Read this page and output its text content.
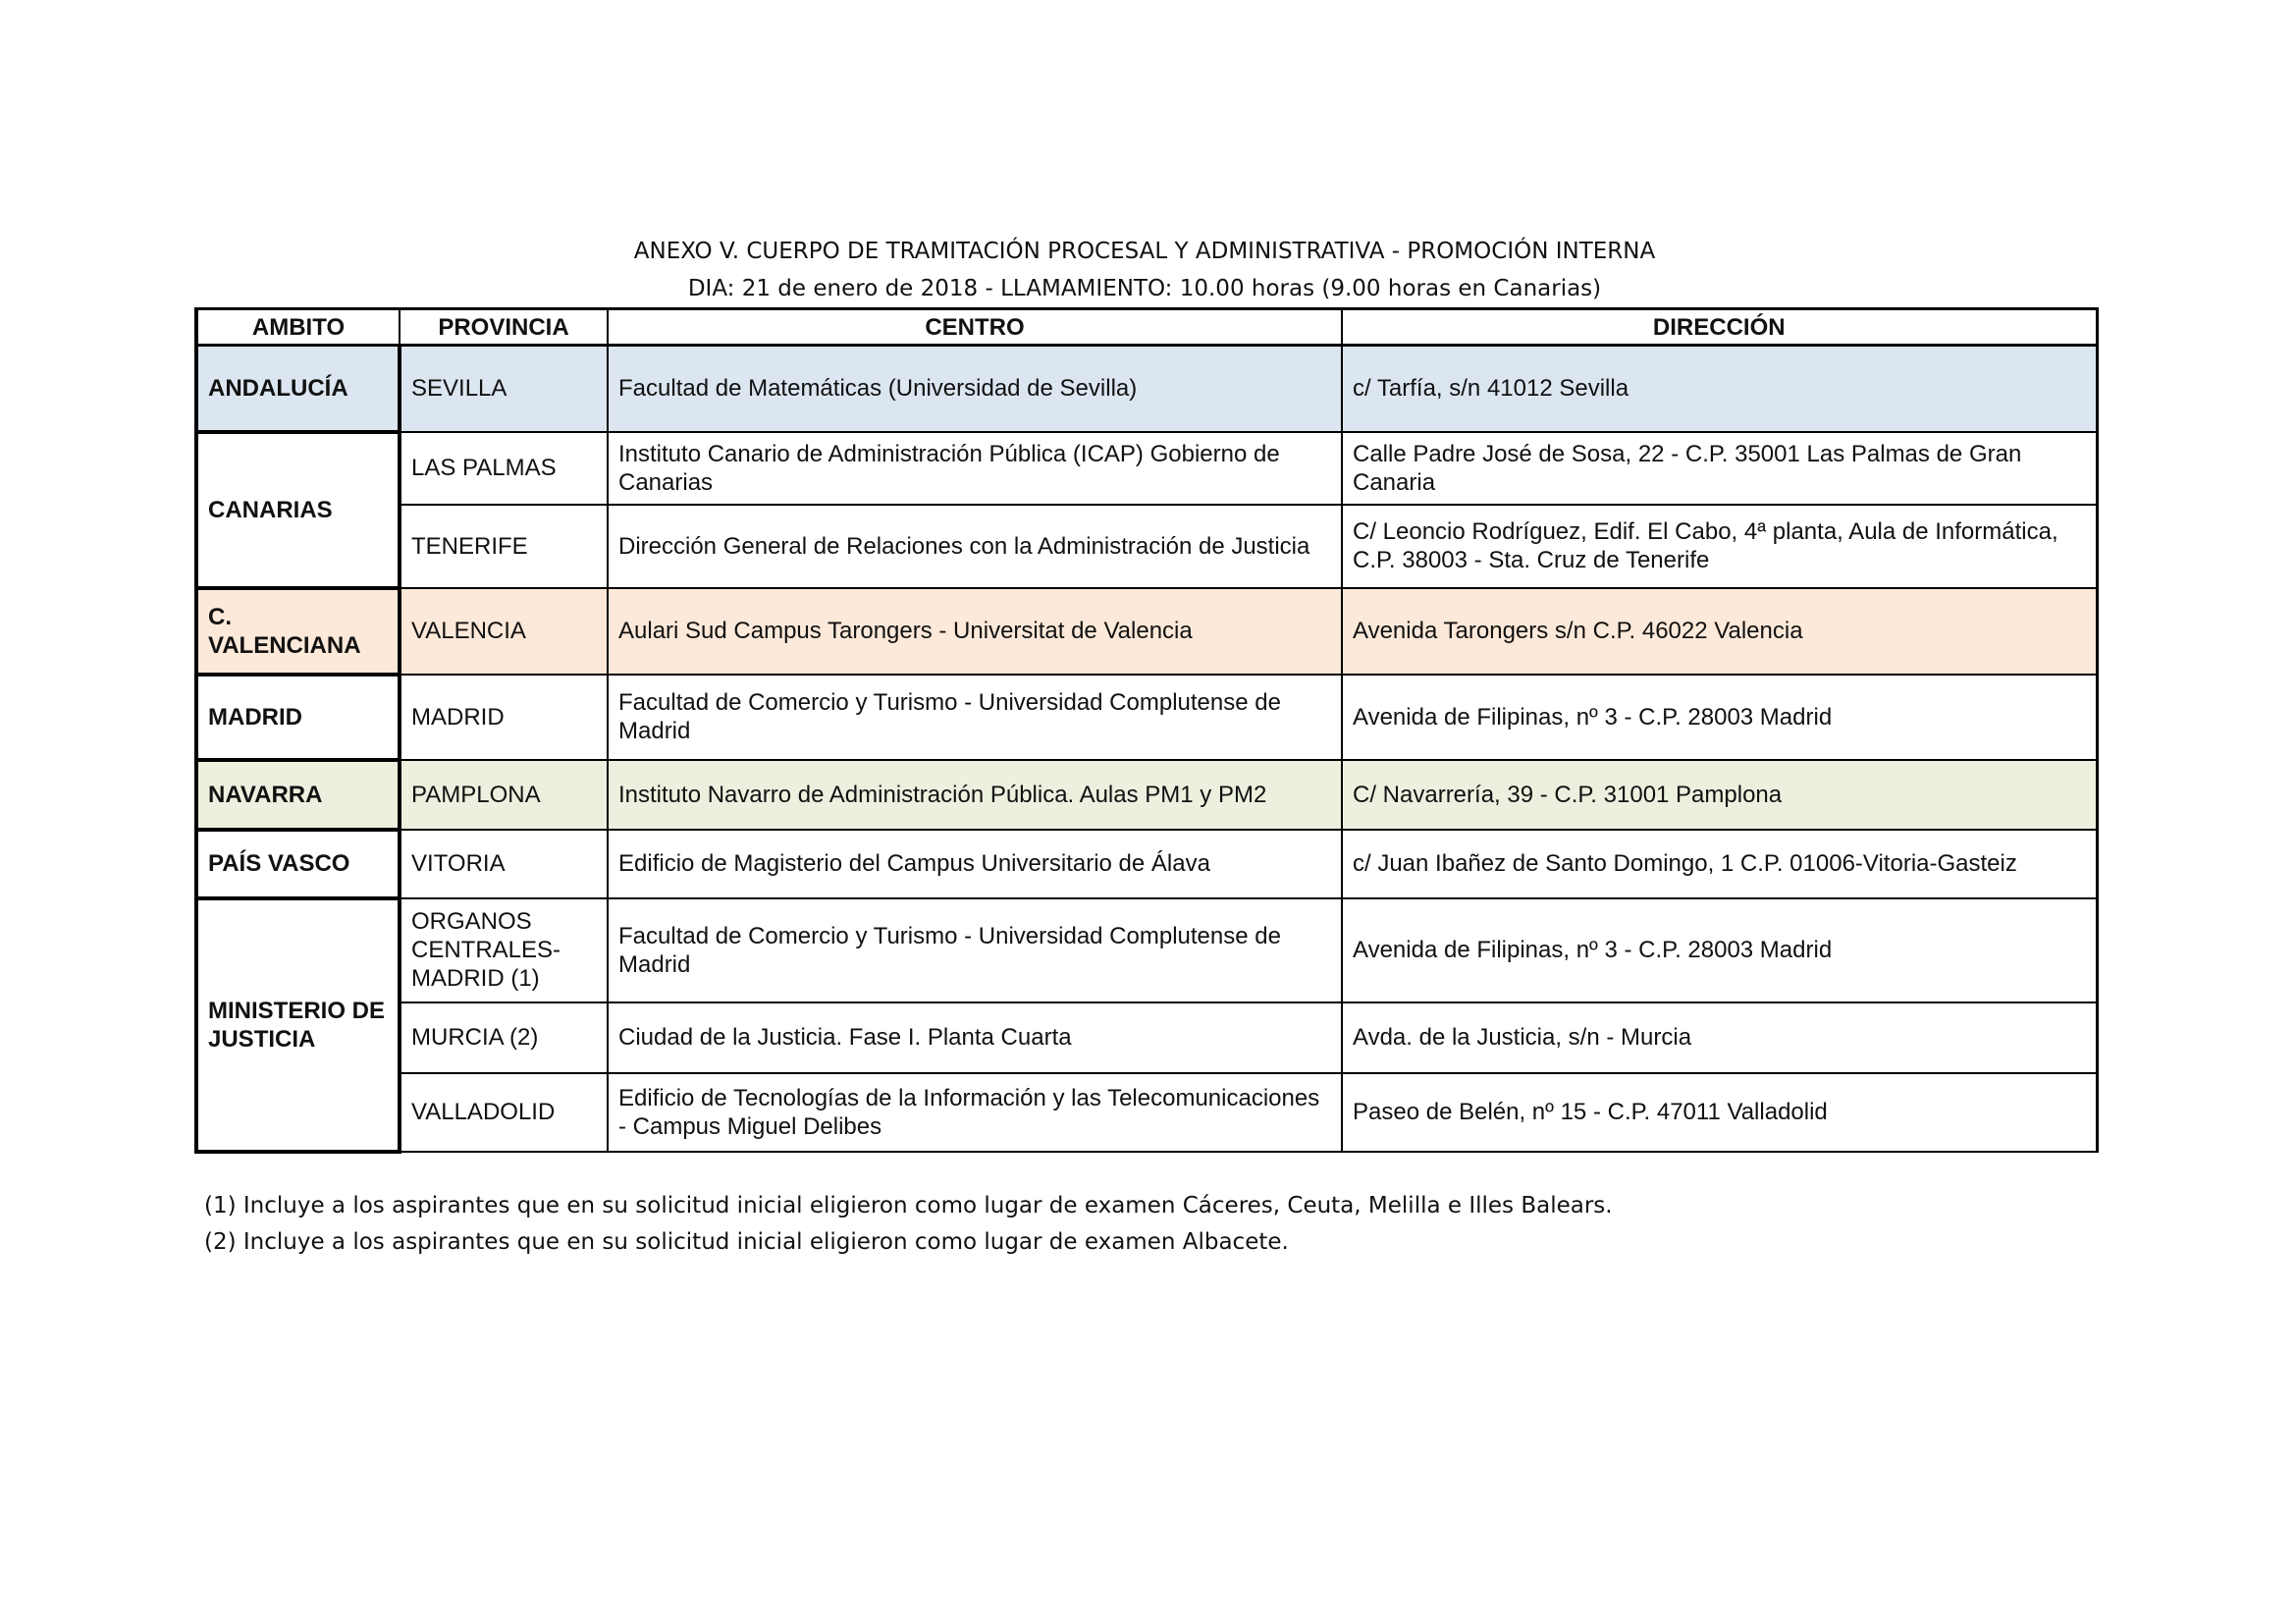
ANEXO V. CUERPO DE TRAMITACIÓN PROCESAL Y ADMINISTRATIVA - PROMOCIÓN INTERNA
DIA: 21 de enero de 2018 - LLAMAMIENTO: 10.00 horas (9.00 horas en Canarias)
AMBITO	PROVINCIA	CENTRO	DIRECCIÓN
ANDALUCÍA	SEVILLA	Facultad de Matemáticas (Universidad de Sevilla)	c/ Tarfía, s/n 41012 Sevilla
CANARIAS	LAS PALMAS	Instituto Canario de Administración Pública (ICAP) Gobierno de Canarias	Calle Padre José de Sosa, 22 - C.P. 35001 Las Palmas de Gran Canaria
	TENERIFE	Dirección General de Relaciones con la Administración de Justicia	C/ Leoncio Rodríguez, Edif. El Cabo, 4ª planta, Aula de Informática, C.P. 38003 - Sta. Cruz de Tenerife
C. VALENCIANA	VALENCIA	Aulari Sud Campus Tarongers - Universitat de Valencia	Avenida Tarongers s/n C.P. 46022 Valencia
MADRID	MADRID	Facultad de Comercio y Turismo - Universidad Complutense de Madrid	Avenida de Filipinas, nº 3 - C.P. 28003 Madrid
NAVARRA	PAMPLONA	Instituto Navarro de Administración Pública. Aulas PM1 y PM2	C/ Navarrería, 39 - C.P. 31001 Pamplona
PAÍS VASCO	VITORIA	Edificio de Magisterio del Campus Universitario de Álava	c/ Juan Ibañez de Santo Domingo, 1 C.P. 01006-Vitoria-Gasteiz
MINISTERIO DE JUSTICIA	ORGANOS CENTRALES-MADRID (1)	Facultad de Comercio y Turismo - Universidad Complutense de Madrid	Avenida de Filipinas, nº 3 - C.P. 28003 Madrid
	MURCIA (2)	Ciudad de la Justicia. Fase I. Planta Cuarta	Avda. de la Justicia, s/n - Murcia
	VALLADOLID	Edificio de Tecnologías de la Información y las Telecomunicaciones - Campus Miguel Delibes	Paseo de Belén, nº 15 - C.P. 47011 Valladolid
(1) Incluye a los aspirantes que en su solicitud inicial eligieron como lugar de examen Cáceres, Ceuta, Melilla e Illes Balears.
(2) Incluye a los aspirantes que en su solicitud inicial eligieron como lugar de examen Albacete.
